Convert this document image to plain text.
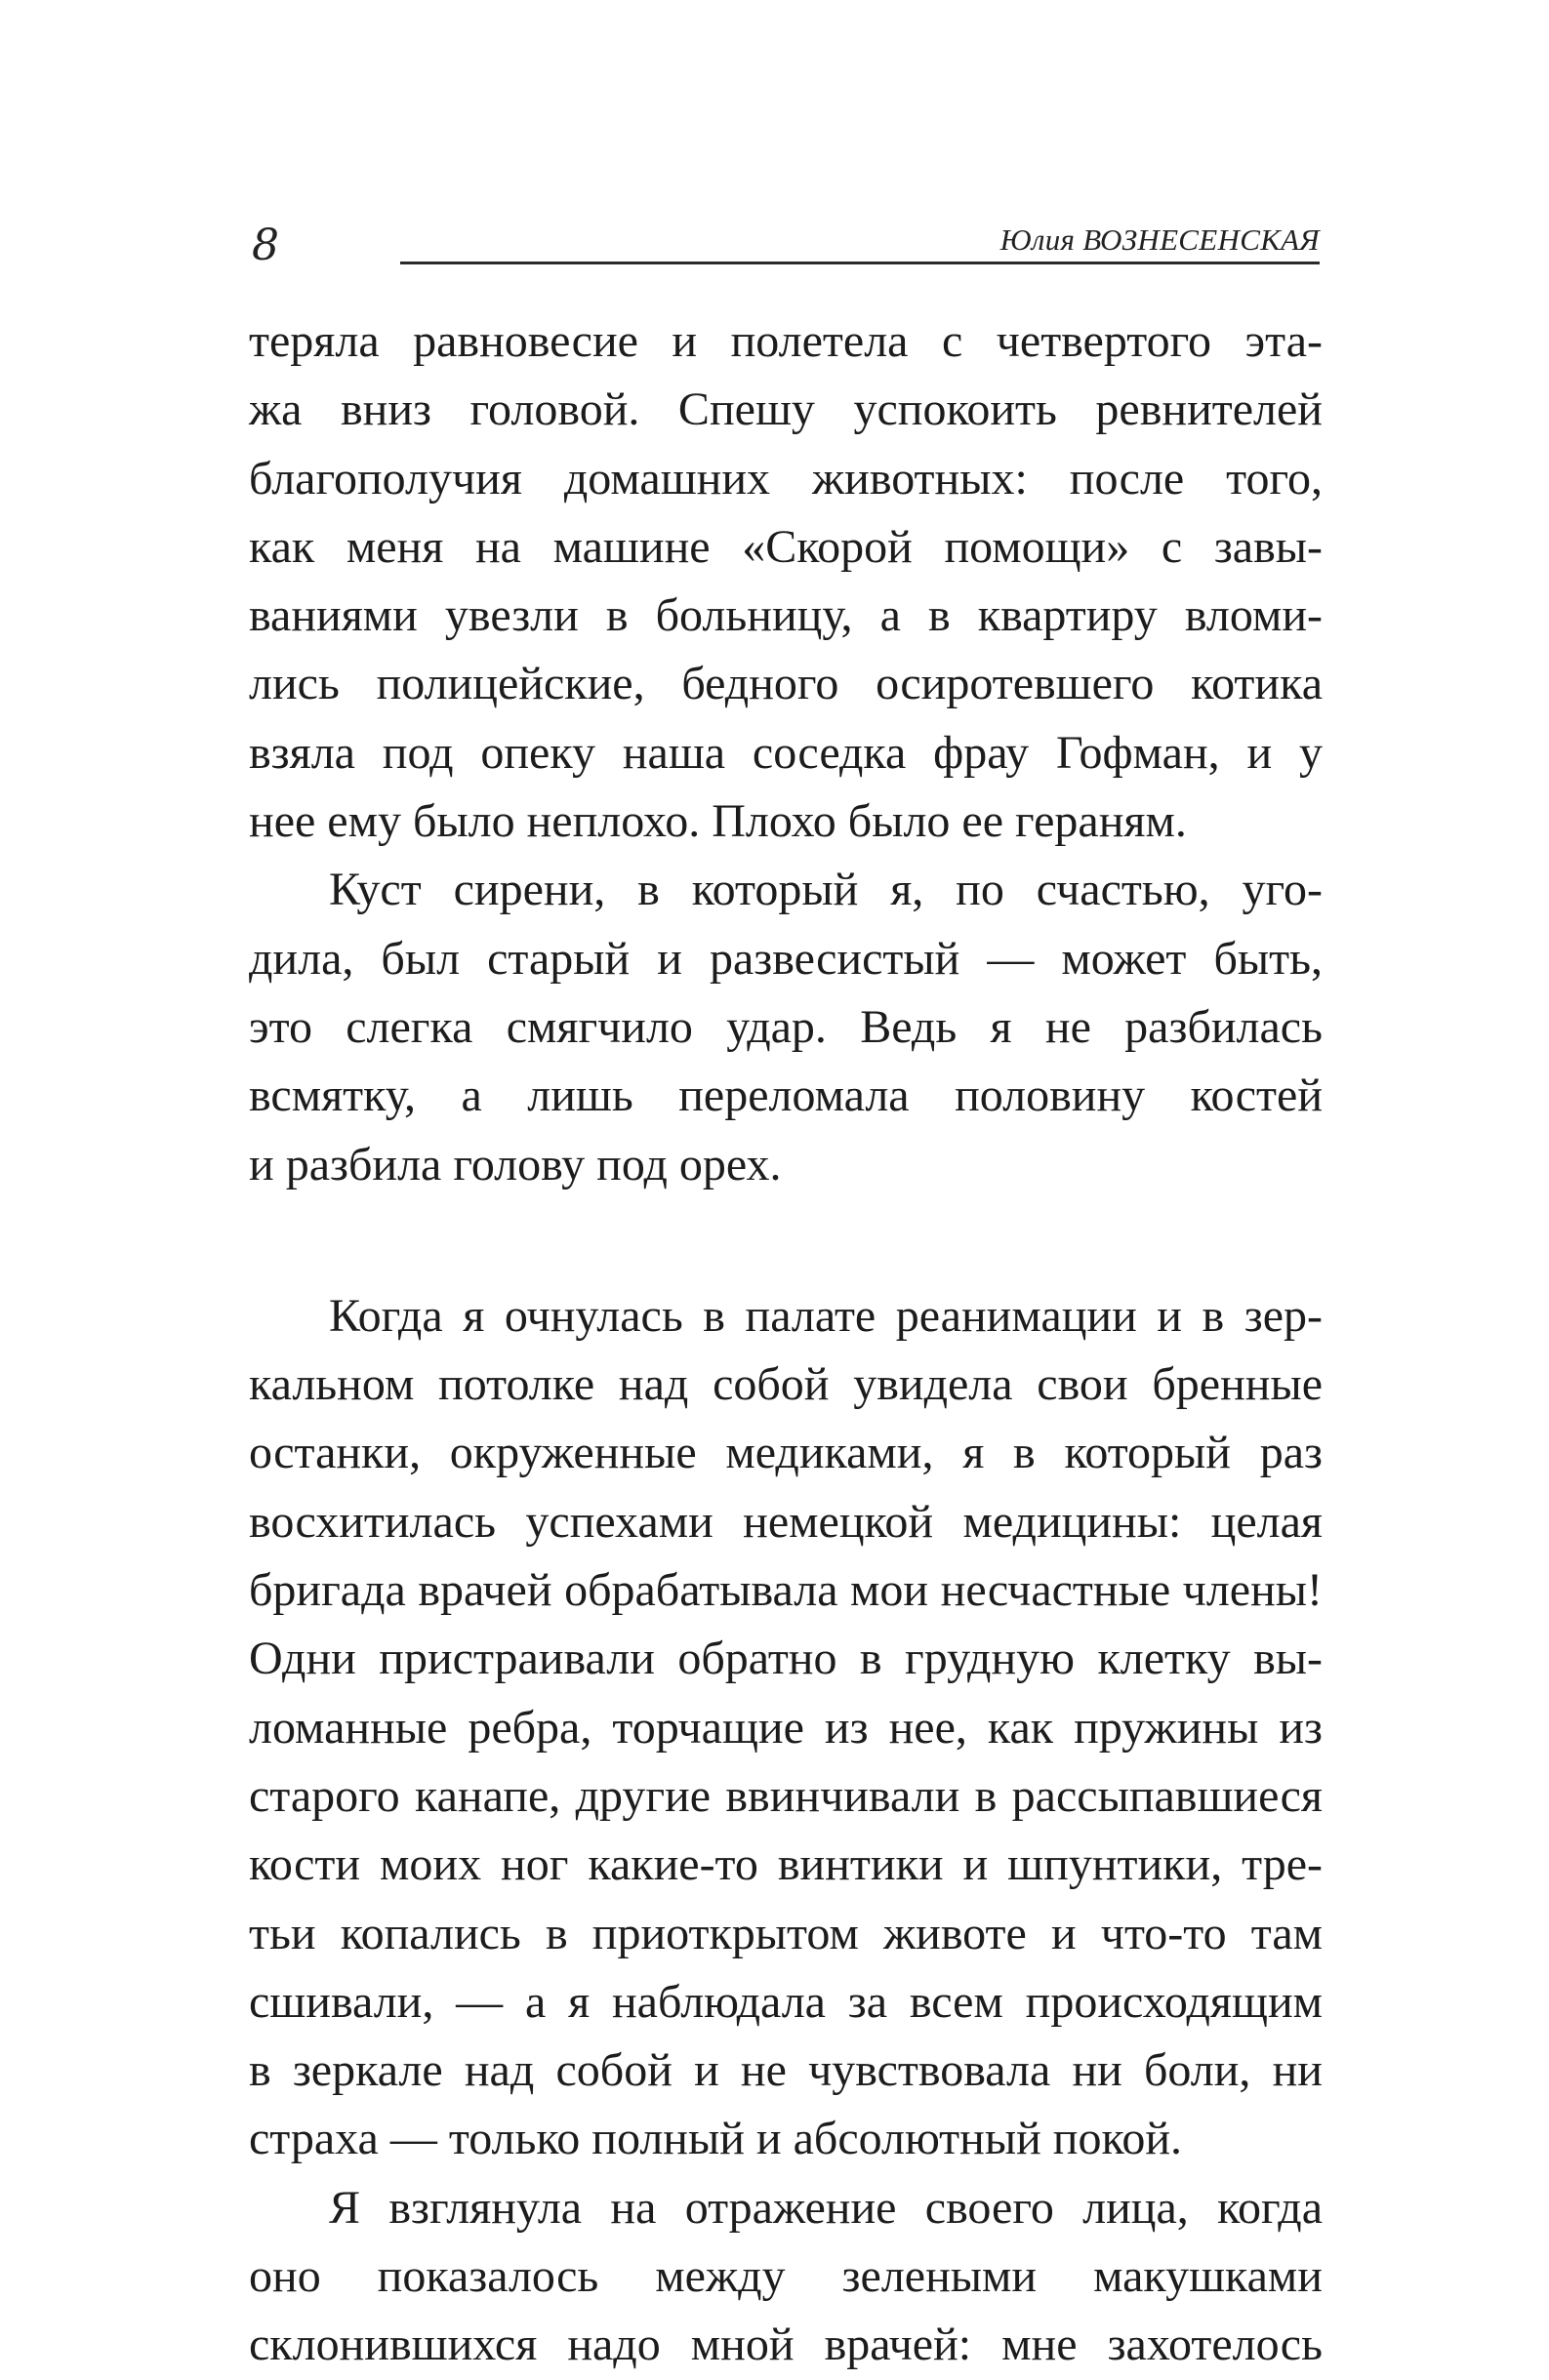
8	Юлия ВОЗНЕСЕНСКАЯ
теряла равновесие и полетела с четвертого эта-
жа вниз головой. Спешу успокоить ревнителей
благополучия домашних животных: после того,
как меня на машине «Скорой помощи» с завы-
ваниями увезли в больницу, а в квартиру вломи-
лись полицейские, бедного осиротевшего котика
взяла под опеку наша соседка фрау Гофман, и у
нее ему было неплохо. Плохо было ее гераням.
Куст сирени, в который я, по счастью, уго-
дила, был старый и развесистый — может быть,
это слегка смягчило удар. Ведь я не разбилась
всмятку, а лишь переломала половину костей
и разбила голову под орех.
Когда я очнулась в палате реанимации и в зер-
кальном потолке над собой увидела свои бренные
останки, окруженные медиками, я в который раз
восхитилась успехами немецкой медицины: целая
бригада врачей обрабатывала мои несчастные члены!
Одни пристраивали обратно в грудную клетку вы-
ломанные ребра, торчащие из нее, как пружины из
старого канапе, другие ввинчивали в рассыпавшиеся
кости моих ног какие-то винтики и шпунтики, тре-
тьи копались в приоткрытом животе и что-то там
сшивали, — а я наблюдала за всем происходящим
в зеркале над собой и не чувствовала ни боли, ни
страха — только полный и абсолютный покой.
Я взглянула на отражение своего лица, когда
оно показалось между зелеными макушками
склонившихся надо мной врачей: мне захотелось
